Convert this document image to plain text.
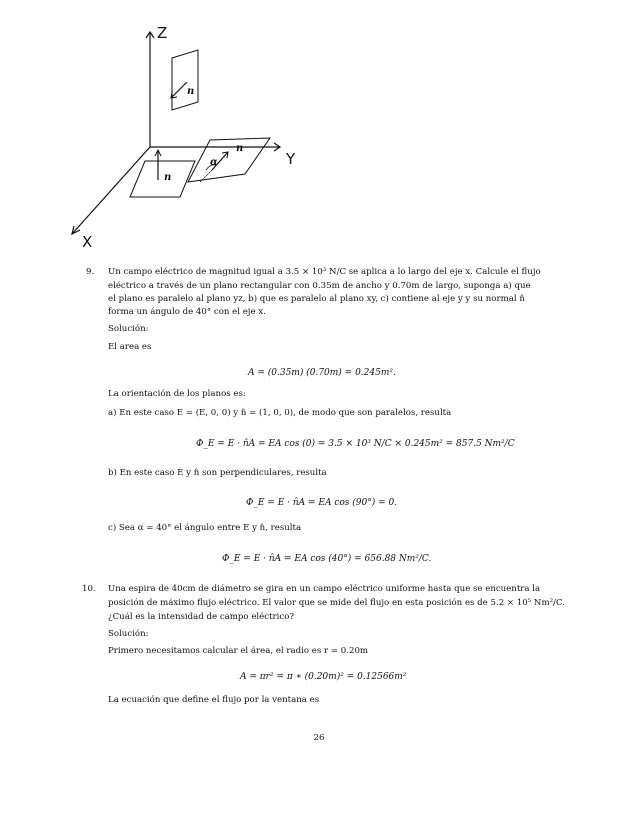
Z
Y
X
n
n
α
n
9. Un campo eléctrico de magnitud igual a 3.5 × 10³ N/C se aplica a lo largo del eje x. Calcule el flujo
eléctrico a través de un plano rectangular con 0.35m de ancho y 0.70m de largo, suponga a) que
el plano es paralelo al plano yz, b) que es paralelo al plano xy, c) contiene al eje y y su normal n̂
forma un ángulo de 40° con el eje x.
Solución:
El area es
A = (0.35m) (0.70m) = 0.245m².
La orientación de los planos es:
a) En este caso E = (E, 0, 0) y n̂ = (1, 0, 0), de modo que son paralelos, resulta
Φ_E = E · n̂A = EA cos (0) = 3.5 × 10³ N/C × 0.245m² = 857.5 Nm²/C
b) En este caso E y n̂ son perpendiculares, resulta
Φ_E = E · n̂A = EA cos (90°) = 0.
c) Sea α = 40° el ángulo entre E y n̂, resulta
Φ_E = E · n̂A = EA cos (40°) = 656.88 Nm²/C.
10. Una espira de 40cm de diámetro se gira en un campo eléctrico uniforme hasta que se encuentra la
posición de máximo flujo eléctrico. El valor que se mide del flujo en esta posición es de 5.2 × 10⁵ Nm²/C.
¿Cuál es la intensidad de campo eléctrico?
Solución:
Primero necesitamos calcular el área, el radio es r = 0.20m
A = πr² = π ∗ (0.20m)² = 0.12566m²
La ecuación que define el flujo por la ventana es
26
